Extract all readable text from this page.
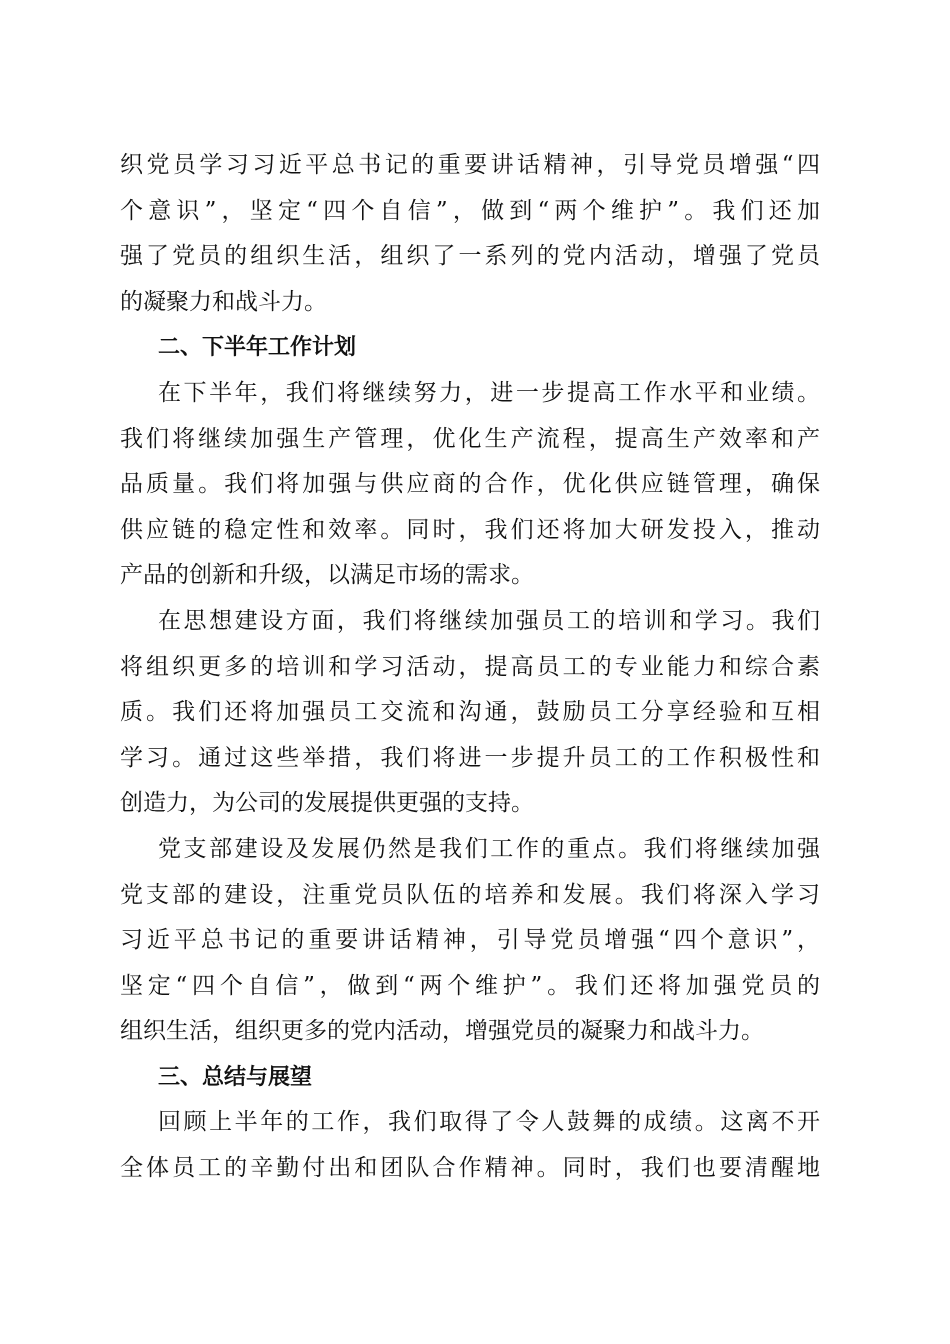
织党员学习习近平总书记的重要讲话精神，引导党员增强“四
个意识”，坚定“四个自信”，做到“两个维护”。我们还加
强了党员的组织生活，组织了一系列的党内活动，增强了党员
的凝聚力和战斗力。
二、下半年工作计划
在下半年，我们将继续努力，进一步提高工作水平和业绩。
我们将继续加强生产管理，优化生产流程，提高生产效率和产
品质量。我们将加强与供应商的合作，优化供应链管理，确保
供应链的稳定性和效率。同时，我们还将加大研发投入，推动
产品的创新和升级，以满足市场的需求。
在思想建设方面，我们将继续加强员工的培训和学习。我们
将组织更多的培训和学习活动，提高员工的专业能力和综合素
质。我们还将加强员工交流和沟通，鼓励员工分享经验和互相
学习。通过这些举措，我们将进一步提升员工的工作积极性和
创造力，为公司的发展提供更强的支持。
党支部建设及发展仍然是我们工作的重点。我们将继续加强
党支部的建设，注重党员队伍的培养和发展。我们将深入学习
习近平总书记的重要讲话精神，引导党员增强“四个意识”，
坚定“四个自信”，做到“两个维护”。我们还将加强党员的
组织生活，组织更多的党内活动，增强党员的凝聚力和战斗力。
三、总结与展望
回顾上半年的工作，我们取得了令人鼓舞的成绩。这离不开
全体员工的辛勤付出和团队合作精神。同时，我们也要清醒地
